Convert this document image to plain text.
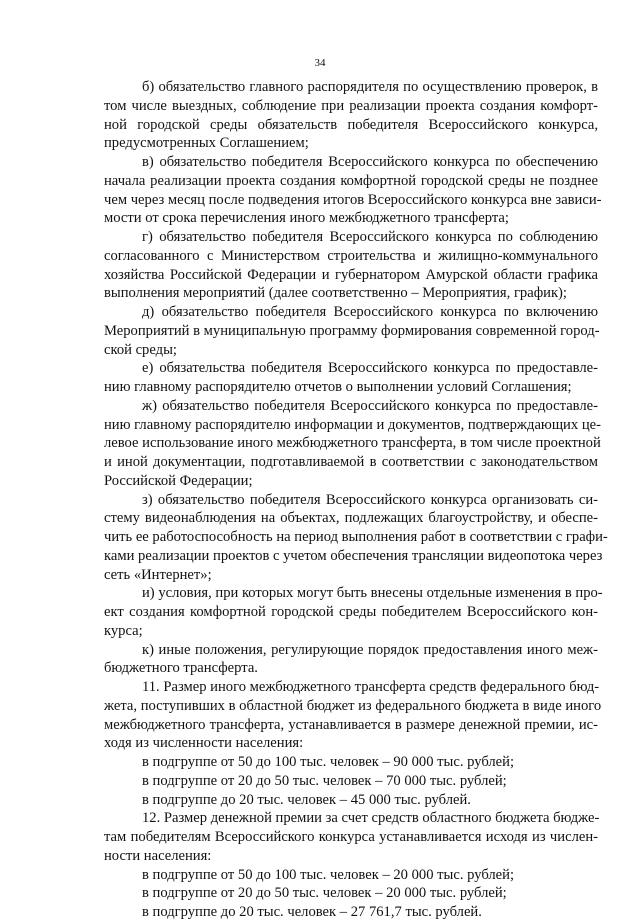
34

б) обязательство главного распорядителя по осуществлению проверок, в
том числе выездных, соблюдение при реализации проекта создания комфорт-
ной городской среды обязательств победителя Всероссийского конкурса,
предусмотренных Соглашением;

в) обязательство победителя Всероссийского конкурса по обеспечению
начала реализации проекта создания комфортной городской среды не позднее
чем через месяц после подведения итогов Всероссийского конкурса вне зависи-
мости от срока перечисления иного межбюджетного трансферта;

г) обязательство победителя Всероссийского конкурса по соблюдению
согласованного с Министерством строительства и жилищно-коммунального
хозяйства Российской Федерации и губернатором Амурской области графика
выполнения мероприятий (далее соответственно – Мероприятия, график);

д) обязательство победителя Всероссийского конкурса по включению
Мероприятий в муниципальную программу формирования современной город-
ской среды;

е) обязательства победителя Всероссийского конкурса по предоставле-
нию главному распорядителю отчетов о выполнении условий Соглашения;

ж) обязательство победителя Всероссийского конкурса по предоставле-
нию главному распорядителю информации и документов, подтверждающих це-
левое использование иного межбюджетного трансферта, в том числе проектной
и иной документации, подготавливаемой в соответствии с законодательством
Российской Федерации;

з) обязательство победителя Всероссийского конкурса организовать си-
стему видеонаблюдения на объектах, подлежащих благоустройству, и обеспе-
чить ее работоспособность на период выполнения работ в соответствии с графи-
ками реализации проектов с учетом обеспечения трансляции видеопотока через
сеть «Интернет»;

и) условия, при которых могут быть внесены отдельные изменения в про-
ект создания комфортной городской среды победителем Всероссийского кон-
курса;

к) иные положения, регулирующие порядок предоставления иного меж-
бюджетного трансферта.

11. Размер иного межбюджетного трансферта средств федерального бюд-
жета, поступивших в областной бюджет из федерального бюджета в виде иного
межбюджетного трансферта, устанавливается в размере денежной премии, ис-
ходя из численности населения:

в подгруппе от 50 до 100 тыс. человек – 90 000 тыс. рублей;

в подгруппе от 20 до 50 тыс. человек – 70 000 тыс. рублей;

в подгруппе до 20 тыс. человек – 45 000 тыс. рублей.

12. Размер денежной премии за счет средств областного бюджета бюдже-
там победителям Всероссийского конкурса устанавливается исходя из числен-
ности населения:

в подгруппе от 50 до 100 тыс. человек – 20 000 тыс. рублей;

в подгруппе от 20 до 50 тыс. человек – 20 000 тыс. рублей;

в подгруппе до 20 тыс. человек – 27 761,7 тыс. рублей.
